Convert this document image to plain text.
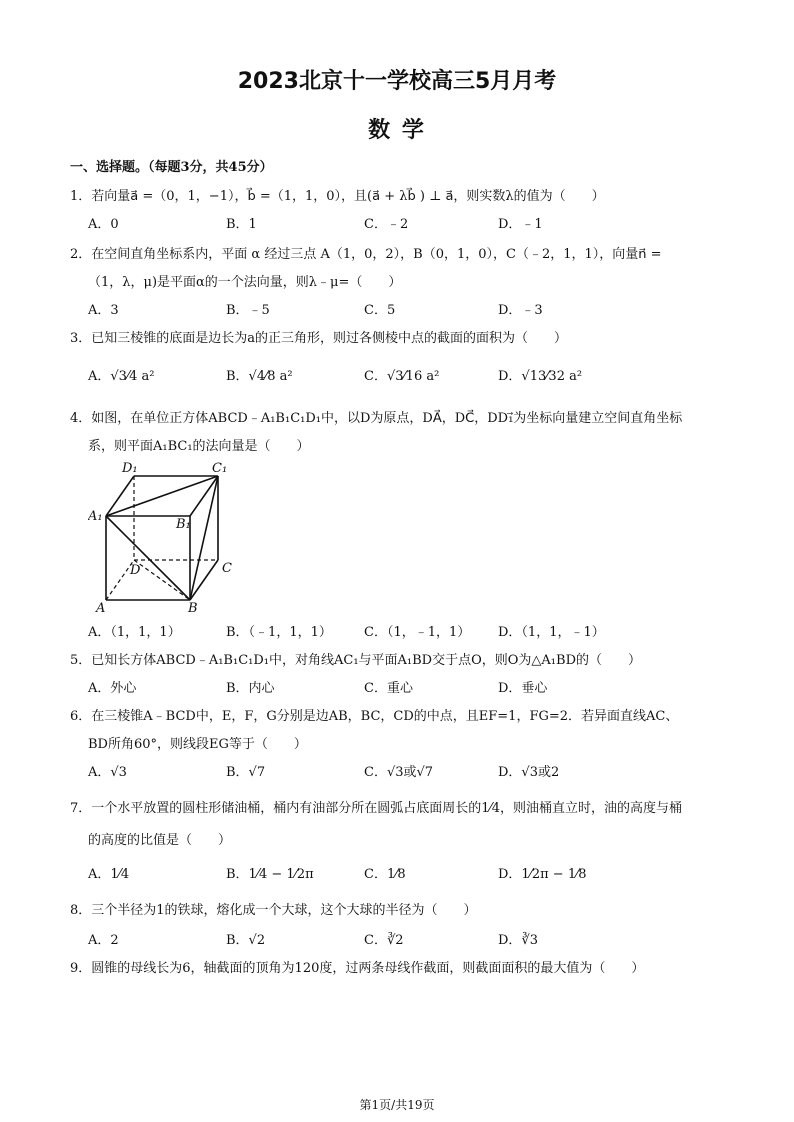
2023北京十一学校高三5月月考
数 学
一、选择题。（每题3分，共45分）
1．若向量a⃗ =（0，1，−1），b⃗ =（1，1，0），且(a⃗ + λb⃗ ) ⊥ a⃗，则实数λ的值为（　　）
A．0	B．1	C．﹣2	D．﹣1
2．在空间直角坐标系内，平面 α 经过三点 A（1，0，2），B（0，1，0），C（﹣2，1，1），向量n⃗ =
（1，λ，μ)是平面α的一个法向量，则λ﹣μ=（　　）
A．3	B．﹣5	C．5	D．﹣3
3．已知三棱锥的底面是边长为a的正三角形，则过各侧棱中点的截面的面积为（　　）
A．√3⁄4 a²	B．√4⁄8 a²	C．√3⁄16 a²	D．√13⁄32 a²
4．如图，在单位正方体ABCD﹣A₁B₁C₁D₁中，以D为原点，DA⃗，DC⃗，DD₁⃗为坐标向量建立空间直角坐标
系，则平面A₁BC₁的法向量是（　　）
D₁	C₁
A₁
B₁
D	C
A	B
A．（1，1，1）	B．（﹣1，1，1） C．（1，﹣1，1） D．（1，1，﹣1）
5．已知长方体ABCD﹣A₁B₁C₁D₁中，对角线AC₁与平面A₁BD交于点O，则O为△A₁BD的（　　）
A．外心	B．内心	C．重心	D．垂心
6．在三棱锥A﹣BCD中，E，F，G分别是边AB，BC，CD的中点，且EF=1，FG=2．若异面直线AC、
BD所角60°，则线段EG等于（　　）
A．√3	B．√7	C．√3或√7	D．√3或2
7．一个水平放置的圆柱形储油桶，桶内有油部分所在圆弧占底面周长的1⁄4，则油桶直立时，油的高度与桶
的高度的比值是（　　）
A．1⁄4	B．1⁄4 − 1⁄2π	C．1⁄8	D．1⁄2π − 1⁄8
8．三个半径为1的铁球，熔化成一个大球，这个大球的半径为（　　）
A．2	B．√2	C．∛2	D．∛3
9．圆锥的母线长为6，轴截面的顶角为120度，过两条母线作截面，则截面面积的最大值为（　　）
第1页/共19页
